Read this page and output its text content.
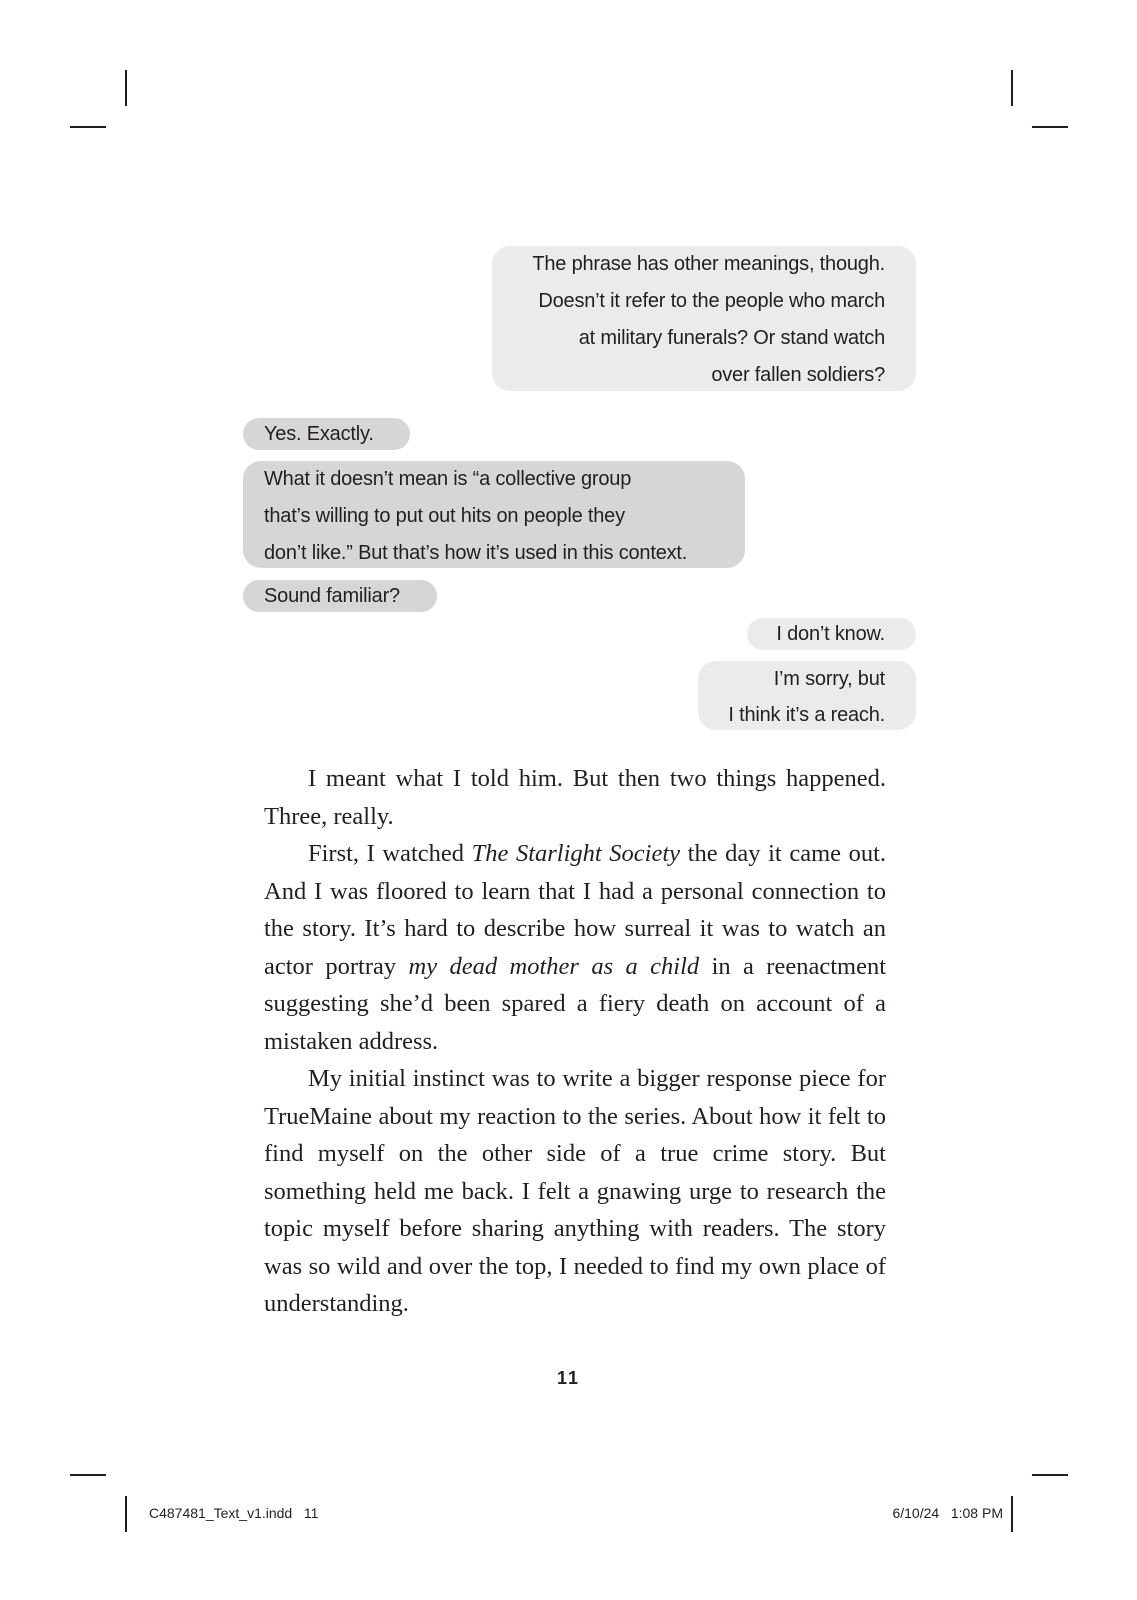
The phrase has other meanings, though.
Doesn’t it refer to the people who march
at military funerals? Or stand watch
over fallen soldiers?
Yes. Exactly.
What it doesn’t mean is “a collective group
that’s willing to put out hits on people they
don’t like.” But that’s how it’s used in this context.
Sound familiar?
I don’t know.
I’m sorry, but
I think it’s a reach.

I meant what I told him. But then two things happened. Three, really.

First, I watched The Starlight Society the day it came out. And I was floored to learn that I had a personal connection to the story. It’s hard to describe how surreal it was to watch an actor portray my dead mother as a child in a reenactment suggesting she’d been spared a fiery death on account of a mistaken address.

My initial instinct was to write a bigger response piece for TrueMaine about my reaction to the series. About how it felt to find myself on the other side of a true crime story. But something held me back. I felt a gnawing urge to research the topic myself before sharing anything with readers. The story was so wild and over the top, I needed to find my own place of understanding.

11
C487481_Text_v1.indd   11	6/10/24   1:08 PM
